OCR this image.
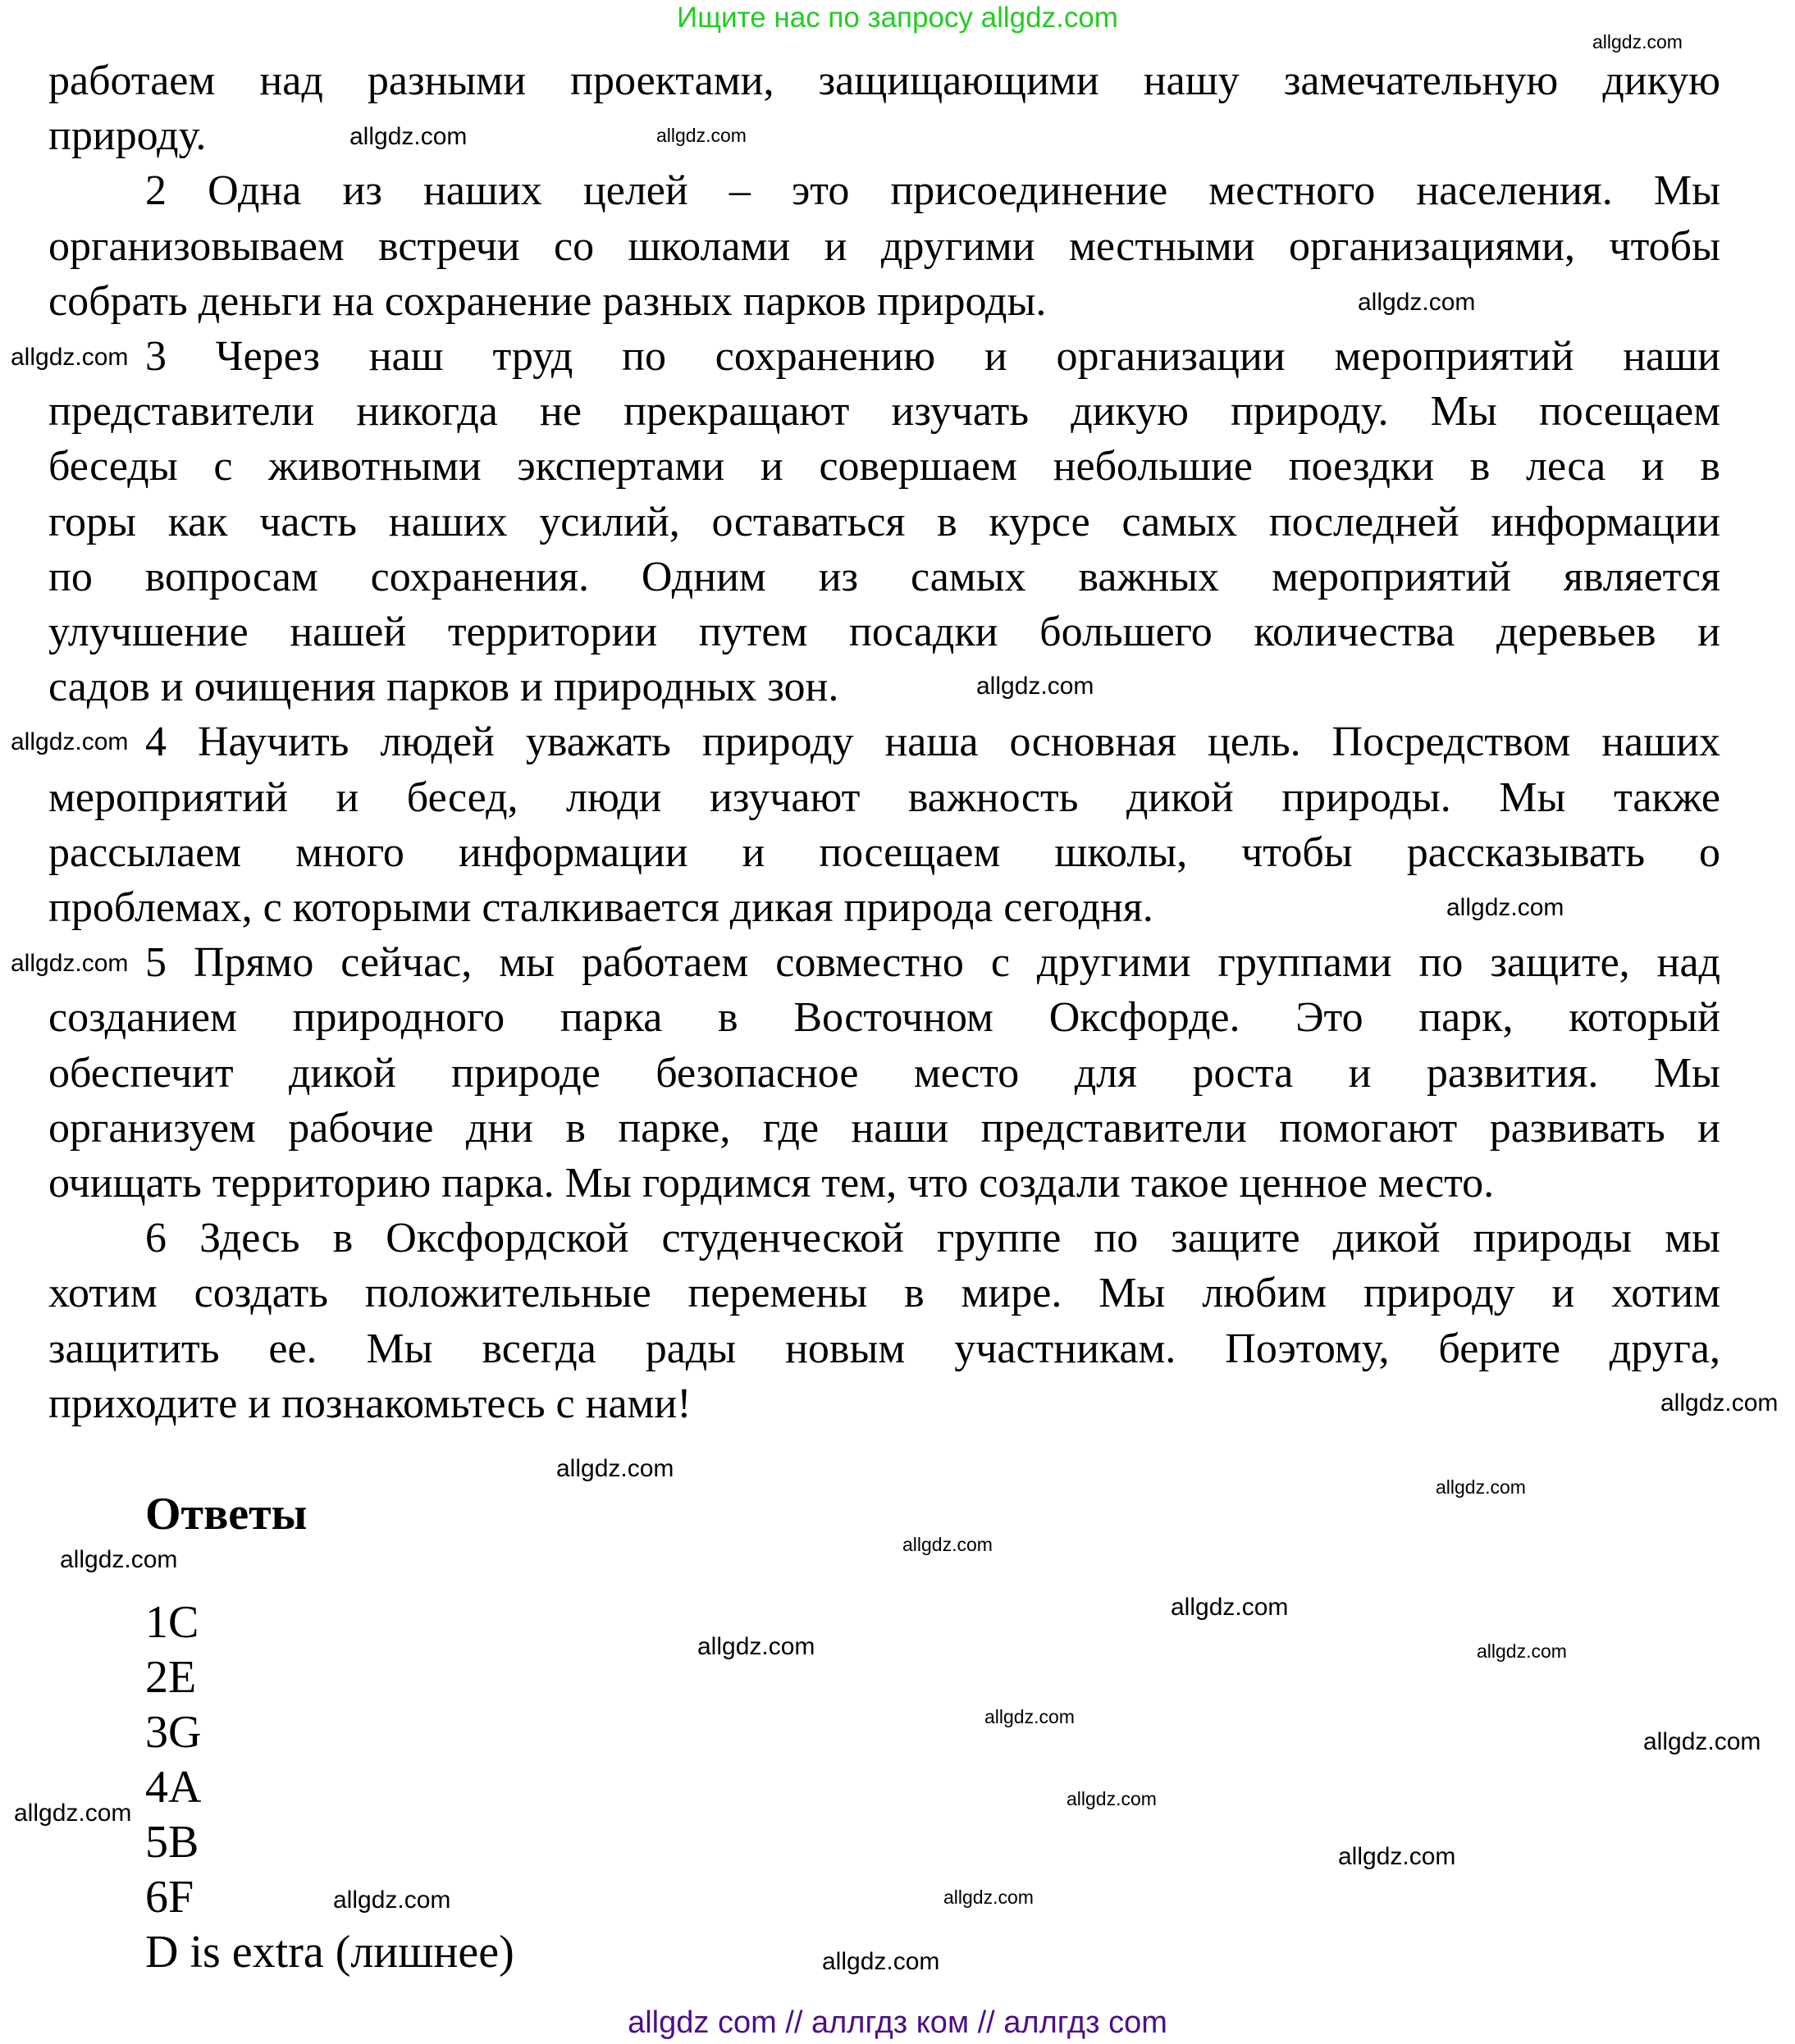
Ищите нас по запросу allgdz.com
работаем над разными проектами, защищающими нашу замечательную дикую
природу.
2 Одна из наших целей – это присоединение местного населения. Мы
организовываем встречи со школами и другими местными организациями, чтобы
собрать деньги на сохранение разных парков природы.
3 Через наш труд по сохранению и организации мероприятий наши
представители никогда не прекращают изучать дикую природу. Мы посещаем
беседы с животными экспертами и совершаем небольшие поездки в леса и в
горы как часть наших усилий, оставаться в курсе самых последней информации
по вопросам сохранения. Одним из самых важных мероприятий является
улучшение нашей территории путем посадки большего количества деревьев и
садов и очищения парков и природных зон.
4 Научить людей уважать природу наша основная цель. Посредством наших
мероприятий и бесед, люди изучают важность дикой природы. Мы также
рассылаем много информации и посещаем школы, чтобы рассказывать о
проблемах, с которыми сталкивается дикая природа сегодня.
5 Прямо сейчас, мы работаем совместно с другими группами по защите, над
созданием природного парка в Восточном Оксфорде. Это парк, который
обеспечит дикой природе безопасное место для роста и развития. Мы
организуем рабочие дни в парке, где наши представители помогают развивать и
очищать территорию парка. Мы гордимся тем, что создали такое ценное место.
6 Здесь в Оксфордской студенческой группе по защите дикой природы мы
хотим создать положительные перемены в мире. Мы любим природу и хотим
защитить ее. Мы всегда рады новым участникам. Поэтому, берите друга,
приходите и познакомьтесь с нами!
Ответы
1C
2E
3G
4A
5B
6F
D is extra (лишнее)
allgdz.com
allgdz.com
allgdz.com
allgdz.com
allgdz.com
allgdz.com
allgdz.com
allgdz.com
allgdz.com
allgdz.com
allgdz.com
allgdz.com
allgdz.com
allgdz.com
allgdz.com
allgdz.com
allgdz.com
allgdz.com
allgdz.com
allgdz.com
allgdz.com
allgdz.com
allgdz.com
allgdz.com
allgdz.com
allgdz com // аллгдз ком // аллгдз com
